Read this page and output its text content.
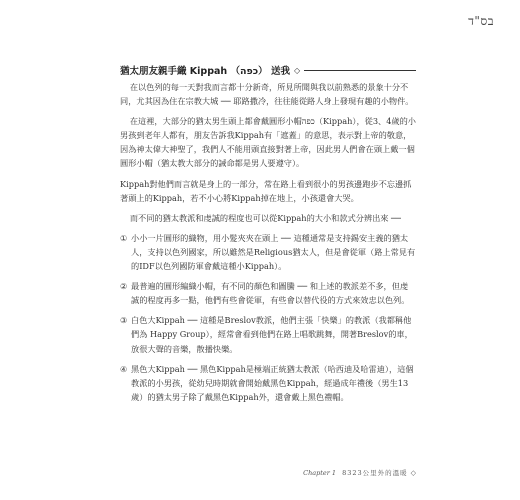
בס"ד
猶太朋友親手織 Kippah （כפה） 送我 ◇

在以色列的每一天對我而言都十分新奇，所見所聞與我以前熟悉的景象十分不同，尤其因為住在宗教大城 ── 耶路撒冷，往往能從路人身上發現有趣的小物件。

在這裡，大部分的猶太男生頭上都會戴圓形小帽כפה（Kippah），從3、4歲的小男孩到老年人都有，朋友告訴我Kippah有「遮蓋」的意思，表示對上帝的敬意，因為神太偉大神聖了，我們人不能用頭直接對著上帝，因此男人們會在頭上戴一個圓形小帽（猶太教大部分的誡命都是男人要遵守）。

Kippah對他們而言就是身上的一部分，常在路上看到很小的男孩邊跑步不忘邊抓著頭上的Kippah，若不小心將Kippah掉在地上，小孩還會大哭。

而不同的猶太教派和虔誠的程度也可以從Kippah的大小和款式分辨出來 ──

① 小小一片圓形的織物，用小髮夾夾在頭上 ── 這種通常是支持錫安主義的猶太人，支持以色列國家，所以雖然是Religious猶太人，但是會從軍（路上常見有的IDF以色列國防軍會戴這種小Kippah）。
② 最普遍的圓形編織小帽，有不同的顏色和圖騰 ── 和上述的教派差不多，但虔誠的程度再多一點，他們有些會從軍，有些會以替代役的方式來效忠以色列。
③ 白色大Kippah ── 這種是Breslov教派，他們主張「快樂」的教派（我都稱他們為 Happy Group），經常會看到他們在路上唱歌跳舞，開著Breslov的車，放很大聲的音樂，散播快樂。
④ 黑色大Kippah ── 黑色Kippah是極端正統猶太教派（哈西迪及哈雷迪），這個教派的小男孩，從幼兒時期就會開始戴黑色Kippah，經過成年禮後（男生13歲）的猶太男子除了戴黑色Kippah外，還會戴上黑色禮帽。
Chapter 1 8323公里外的溫暖 ◇
